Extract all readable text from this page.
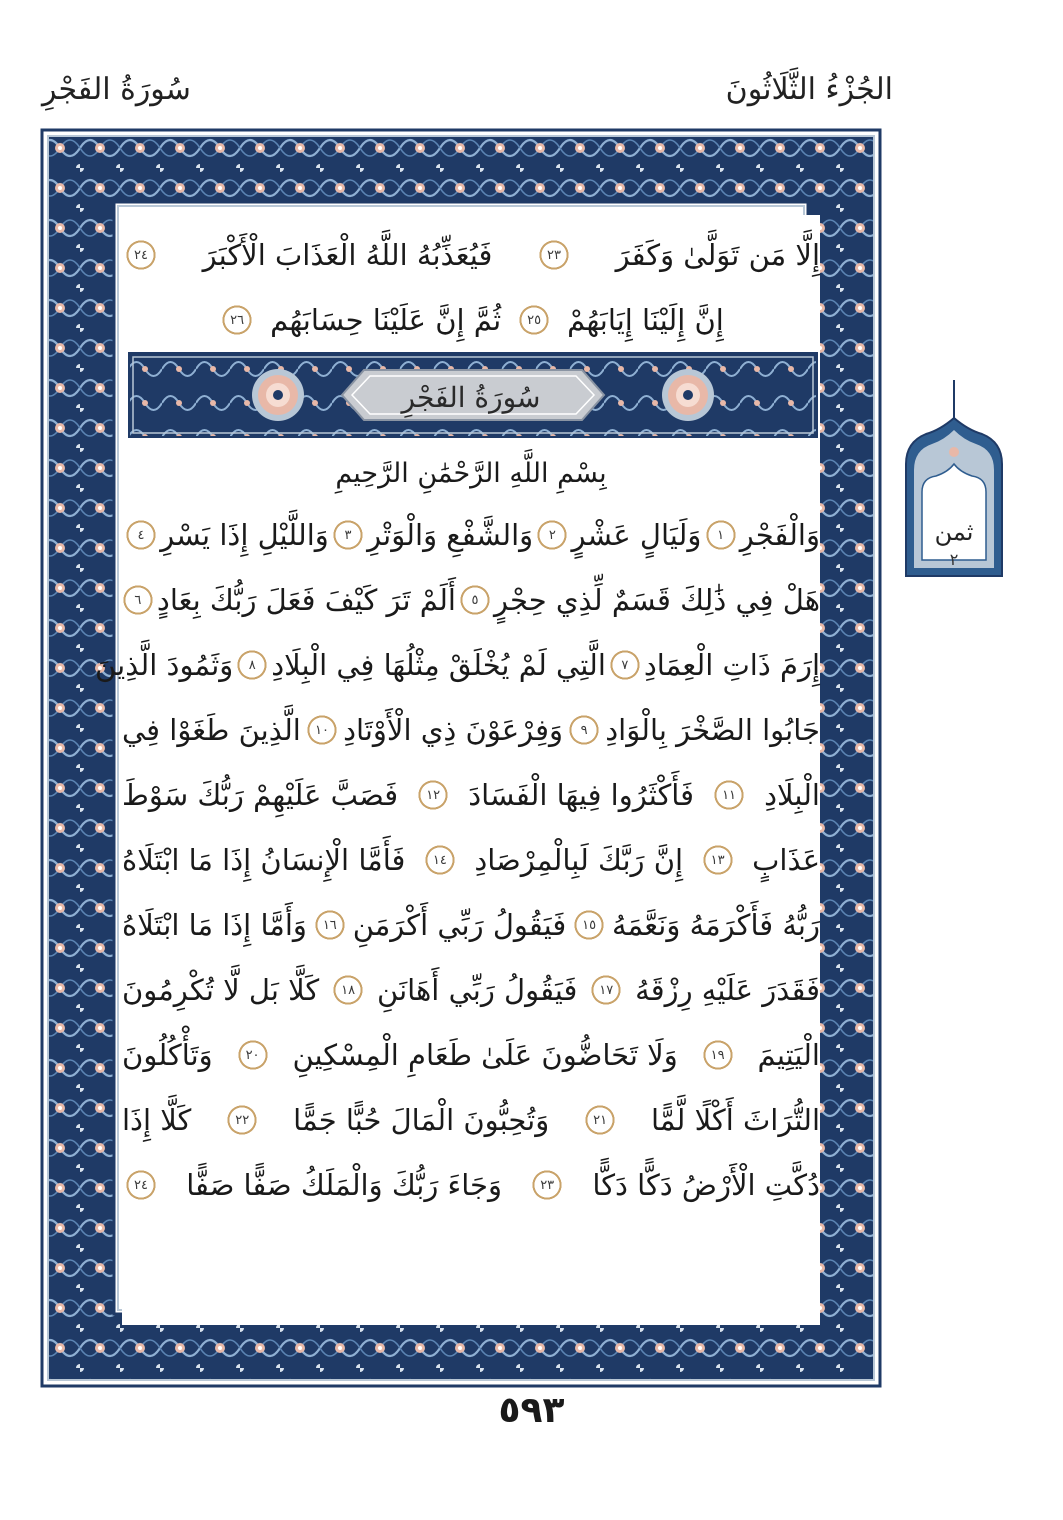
سُورَةُ الفَجْرِ	الجُزْءُ الثَّلَاثُونَ
إِلَّا مَن تَوَلَّىٰ وَكَفَرَ
٢٣
فَيُعَذِّبُهُ اللَّهُ الْعَذَابَ الْأَكْبَرَ
٢٤
إِنَّ إِلَيْنَا إِيَابَهُمْ
٢٥
ثُمَّ إِنَّ عَلَيْنَا حِسَابَهُم
٢٦
وَالْفَجْرِ
١
وَلَيَالٍ عَشْرٍ
٢
وَالشَّفْعِ وَالْوَتْرِ
٣
وَاللَّيْلِ إِذَا يَسْرِ
٤
هَلْ فِي ذَٰلِكَ قَسَمٌ لِّذِي حِجْرٍ
٥
أَلَمْ تَرَ كَيْفَ فَعَلَ رَبُّكَ بِعَادٍ
٦
إِرَمَ ذَاتِ الْعِمَادِ
٧
الَّتِي لَمْ يُخْلَقْ مِثْلُهَا فِي الْبِلَادِ
٨
وَثَمُودَ الَّذِينَ
جَابُوا الصَّخْرَ بِالْوَادِ
٩
وَفِرْعَوْنَ ذِي الْأَوْتَادِ
١٠
الَّذِينَ طَغَوْا فِي
الْبِلَادِ
١١
فَأَكْثَرُوا فِيهَا الْفَسَادَ
١٢
فَصَبَّ عَلَيْهِمْ رَبُّكَ سَوْطَ
عَذَابٍ
١٣
إِنَّ رَبَّكَ لَبِالْمِرْصَادِ
١٤
فَأَمَّا الْإِنسَانُ إِذَا مَا ابْتَلَاهُ
رَبُّهُ فَأَكْرَمَهُ وَنَعَّمَهُ
١٥
فَيَقُولُ رَبِّي أَكْرَمَنِ
١٦
وَأَمَّا إِذَا مَا ابْتَلَاهُ
فَقَدَرَ عَلَيْهِ رِزْقَهُ
١٧
فَيَقُولُ رَبِّي أَهَانَنِ
١٨
كَلَّا بَل لَّا تُكْرِمُونَ
الْيَتِيمَ
١٩
وَلَا تَحَاضُّونَ عَلَىٰ طَعَامِ الْمِسْكِينِ
٢٠
وَتَأْكُلُونَ
التُّرَاثَ أَكْلًا لَّمًّا
٢١
وَتُحِبُّونَ الْمَالَ حُبًّا جَمًّا
٢٢
كَلَّا إِذَا
دُكَّتِ الْأَرْضُ دَكًّا دَكًّا
٢٣
وَجَاءَ رَبُّكَ وَالْمَلَكُ صَفًّا صَفًّا
٢٤
بِسْمِ اللَّهِ الرَّحْمَٰنِ الرَّحِيمِ
سُورَةُ الفَجْرِ
ثمن
٢
٥٩٣
